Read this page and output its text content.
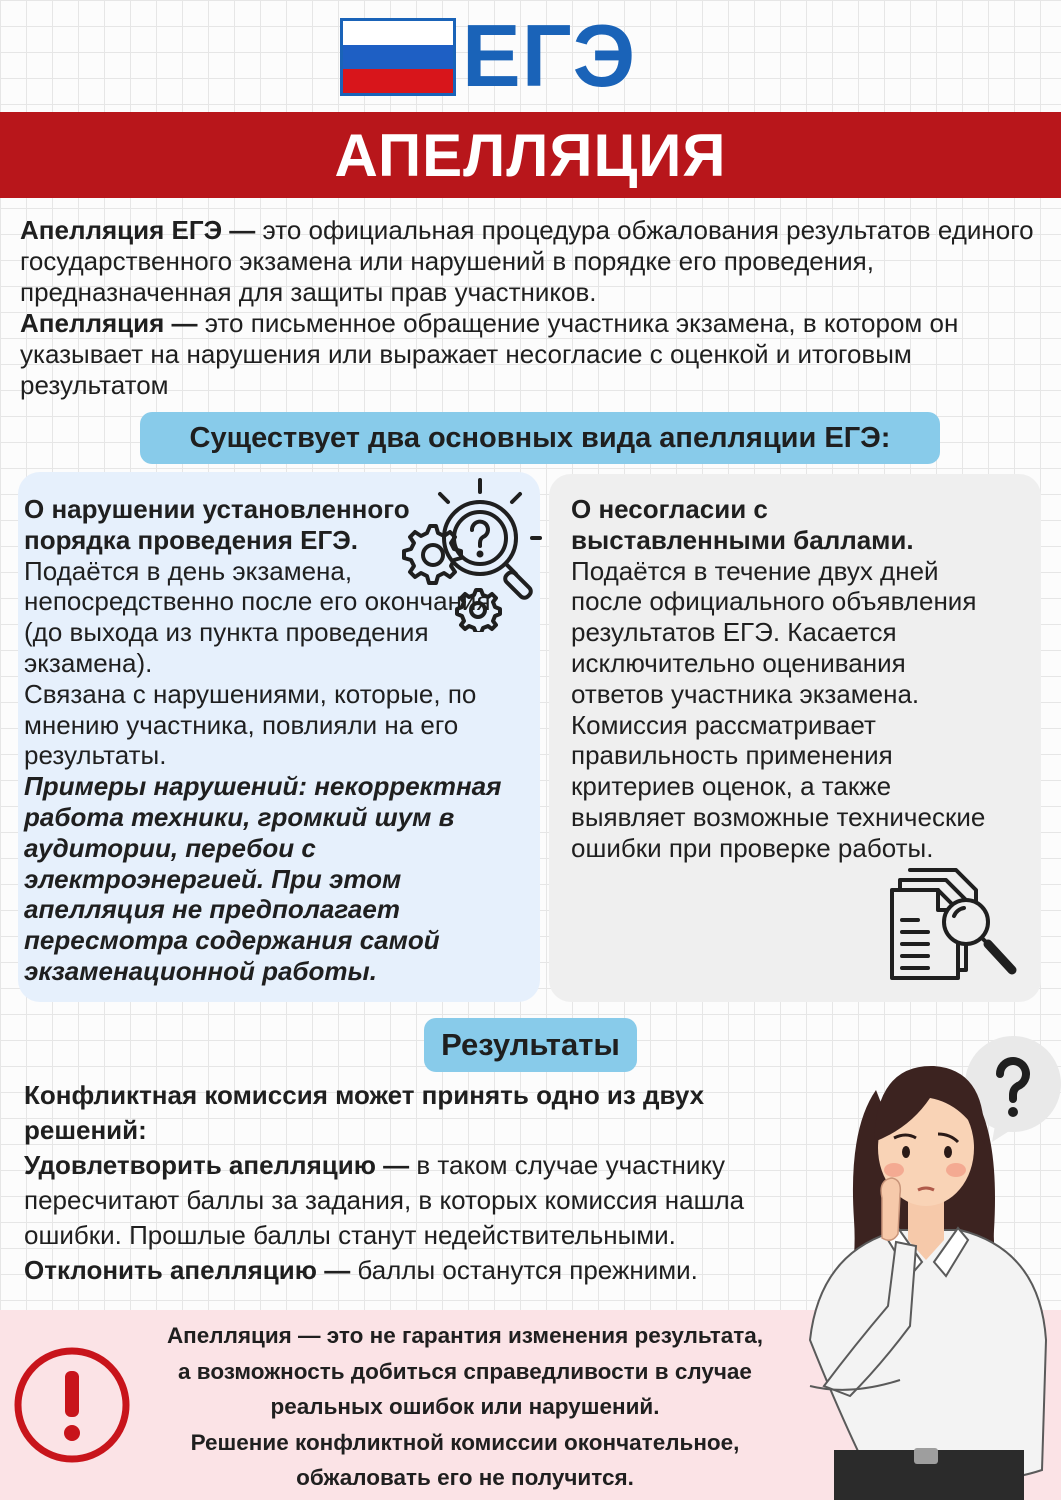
ЕГЭ
АПЕЛЛЯЦИЯ
Апелляция ЕГЭ — это официальная процедура обжалования результатов единого государственного экзамена или нарушений в порядке его проведения, предназначенная для защиты прав участников.
Апелляция — это письменное обращение участника экзамена, в котором он указывает на нарушения или выражает несогласие с оценкой и итоговым результатом
Существует два основных вида апелляции ЕГЭ:
О нарушении установленного порядка проведения ЕГЭ.
Подаётся в день экзамена, непосредственно после его окончания (до выхода из пункта проведения экзамена).
Связана с нарушениями, которые, по мнению участника, повлияли на его результаты.
Примеры нарушений: некорректная работа техники, громкий шум в аудитории, перебои с электроэнергией. При этом апелляция не предполагает пересмотра содержания самой экзаменационной работы.
О несогласии с выставленными баллами.
Подаётся в течение двух дней после официального объявления результатов ЕГЭ. Касается исключительно оценивания ответов участника экзамена. Комиссия рассматривает правильность применения критериев оценок, а также выявляет возможные технические ошибки при проверке работы.
Результаты
Конфликтная комиссия может принять одно из двух решений:
Удовлетворить апелляцию — в таком случае участнику пересчитают баллы за задания, в которых комиссия нашла ошибки. Прошлые баллы станут недействительными.
Отклонить апелляцию — баллы останутся прежними.
Апелляция — это не гарантия изменения результата,
а возможность добиться справедливости в случае
реальных ошибок или нарушений.
Решение конфликтной комиссии окончательное,
обжаловать его не получится.
